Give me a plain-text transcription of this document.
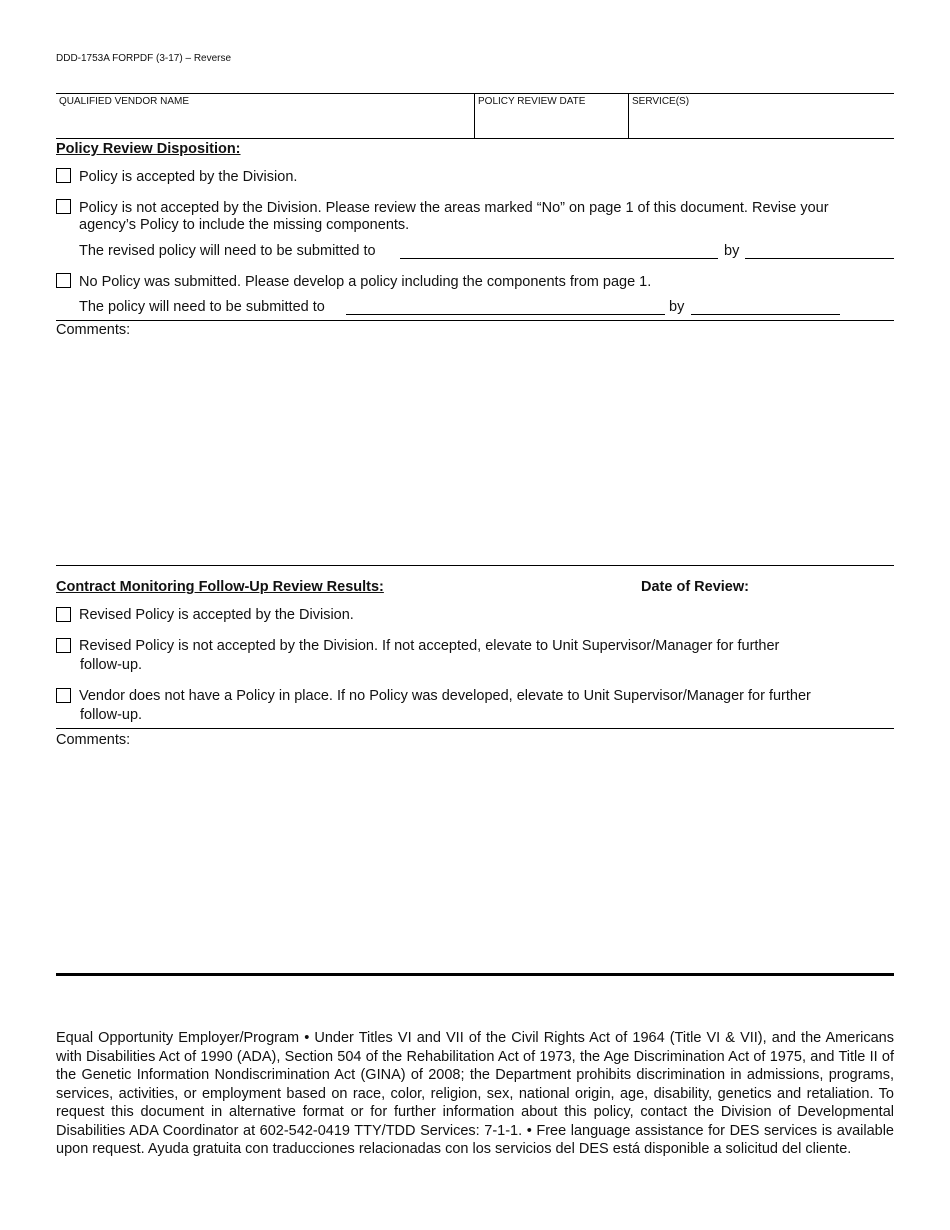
DDD-1753A FORPDF (3-17) – Reverse
QUALIFIED VENDOR NAME	POLICY REVIEW DATE	SERVICE(S)
Policy Review Disposition:
Policy is accepted by the Division.
Policy is not accepted by the Division. Please review the areas marked “No” on page 1 of this document. Revise your
agency’s Policy to include the missing components.
The revised policy will need to be submitted to	by
No Policy was submitted. Please develop a policy including the components from page 1.
The policy will need to be submitted to	by
Comments:
Contract Monitoring Follow-Up Review Results:	Date of Review:
Revised Policy is accepted by the Division.
Revised Policy is not accepted by the Division. If not accepted, elevate to Unit Supervisor/Manager for further
follow-up.
Vendor does not have a Policy in place. If no Policy was developed, elevate to Unit Supervisor/Manager for further
follow-up.
Comments:
Equal Opportunity Employer/Program • Under Titles VI and VII of the Civil Rights Act of 1964 (Title VI & VII), and the Americans with Disabilities Act of 1990 (ADA), Section 504 of the Rehabilitation Act of 1973, the Age Discrimination Act of 1975, and Title II of the Genetic Information Nondiscrimination Act (GINA) of 2008; the Department prohibits discrimination in admissions, programs, services, activities, or employment based on race, color, religion, sex, national origin, age, disability, genetics and retaliation. To request this document in alternative format or for further information about this policy, contact the Division of Developmental Disabilities ADA Coordinator at 602-542-0419 TTY/TDD Services: 7-1-1. • Free language assistance for DES services is available upon request. Ayuda gratuita con traducciones relacionadas con los servicios del DES está disponible a solicitud del cliente.
